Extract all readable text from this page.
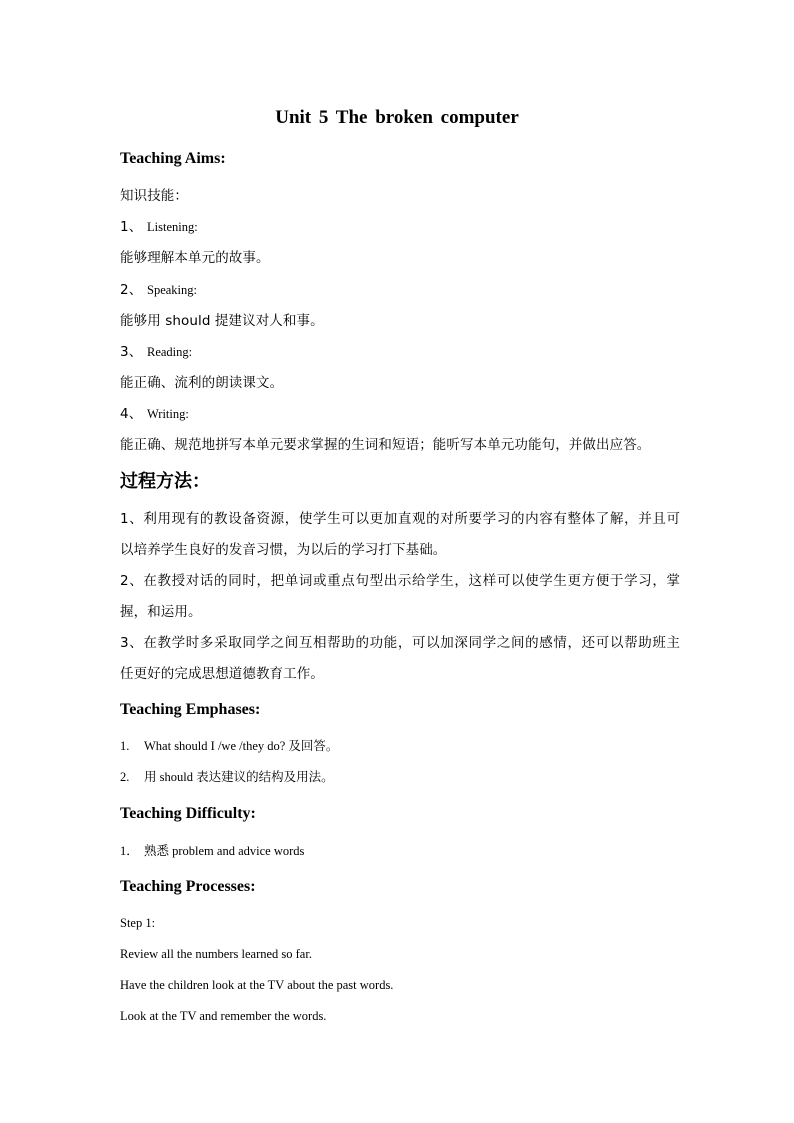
Unit 5 The broken computer
Teaching Aims:
知识技能：
1、 Listening:
能够理解本单元的故事。
2、 Speaking:
能够用 should 提建议对人和事。
3、 Reading:
能正确、流利的朗读课文。
4、 Writing:
能正确、规范地拼写本单元要求掌握的生词和短语；能听写本单元功能句，并做出应答。
过程方法：
1、利用现有的教设备资源，使学生可以更加直观的对所要学习的内容有整体了解，并且可
以培养学生良好的发音习惯，为以后的学习打下基础。
2、在教授对话的同时，把单词或重点句型出示给学生，这样可以使学生更方便于学习，掌
握，和运用。
3、在教学时多采取同学之间互相帮助的功能，可以加深同学之间的感情，还可以帮助班主
任更好的完成思想道德教育工作。
Teaching Emphases:
1. What should I /we /they do? 及回答。
2. 用 should 表达建议的结构及用法。
Teaching Difficulty:
1． 熟悉 problem and advice words
Teaching Processes:
Step 1:
Review all the numbers learned so far.
Have the children look at the TV about the past words.
Look at the TV and remember the words.
